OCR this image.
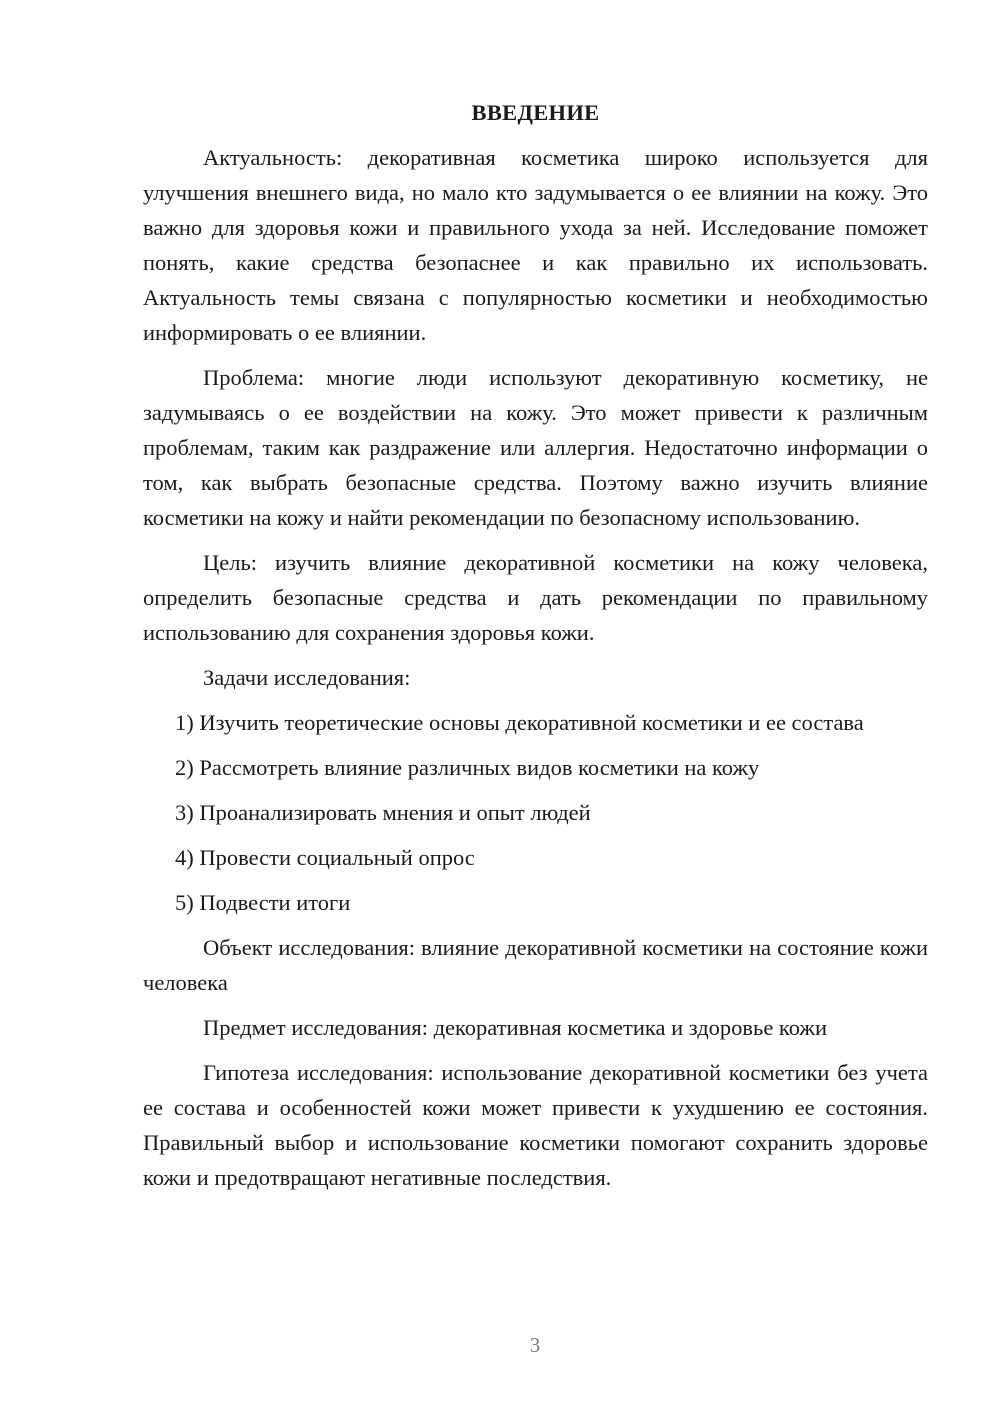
ВВЕДЕНИЕ

Актуальность: декоративная косметика широко используется для улучшения внешнего вида, но мало кто задумывается о ее влиянии на кожу. Это важно для здоровья кожи и правильного ухода за ней. Исследование поможет понять, какие средства безопаснее и как правильно их использовать. Актуальность темы связана с популярностью косметики и необходимостью информировать о ее влиянии.

Проблема: многие люди используют декоративную косметику, не задумываясь о ее воздействии на кожу. Это может привести к различным проблемам, таким как раздражение или аллергия. Недостаточно информации о том, как выбрать безопасные средства. Поэтому важно изучить влияние косметики на кожу и найти рекомендации по безопасному использованию.

Цель: изучить влияние декоративной косметики на кожу человека, определить безопасные средства и дать рекомендации по правильному использованию для сохранения здоровья кожи.

Задачи исследования:

1) Изучить теоретические основы декоративной косметики и ее состава

2) Рассмотреть влияние различных видов косметики на кожу

3) Проанализировать мнения и опыт людей

4) Провести социальный опрос

5) Подвести итоги

Объект исследования: влияние декоративной косметики на состояние кожи человека

Предмет исследования: декоративная косметика и здоровье кожи

Гипотеза исследования: использование декоративной косметики без учета ее состава и особенностей кожи может привести к ухудшению ее состояния. Правильный выбор и использование косметики помогают сохранить здоровье кожи и предотвращают негативные последствия.

3
